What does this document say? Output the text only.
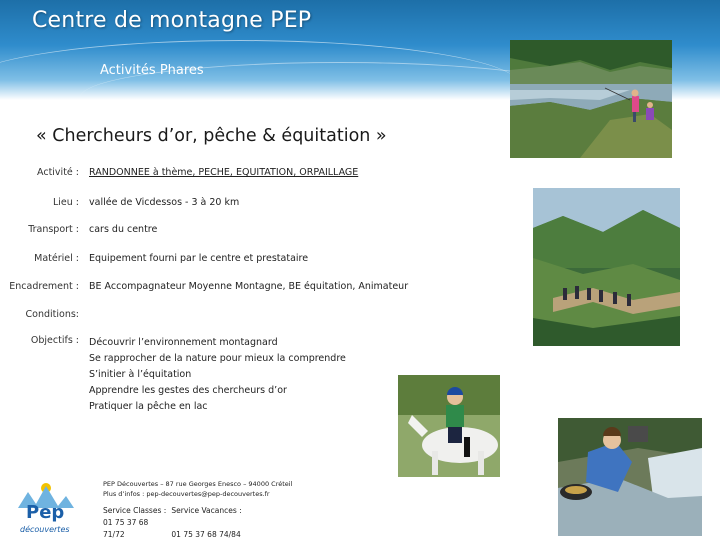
Centre de montagne PEP
Activités Phares
« Chercheurs d’or, pêche & équitation »
Activité : RANDONNEE à thème, PECHE, EQUITATION, ORPAILLAGE
Lieu : vallée de Vicdessos - 3 à 20 km
Transport : cars du centre
Matériel : Equipement fourni par le centre et prestataire
Encadrement : BE Accompagnateur Moyenne Montagne, BE équitation, Animateur
Conditions:
Objectifs : Découvrir l’environnement montagnard
Se rapprocher de la nature pour mieux la comprendre
S’initier à l’équitation
Apprendre les gestes des chercheurs d’or
Pratiquer la pêche en lac
Pep
découvertes
PEP Découvertes – 87 rue Georges Enesco – 94000 Créteil
Plus d’infos : pep-decouvertes@pep-decouvertes.fr
Service Classes : Service Vacances :
01 75 37 68 71/72	01 75 37 68 74/84
